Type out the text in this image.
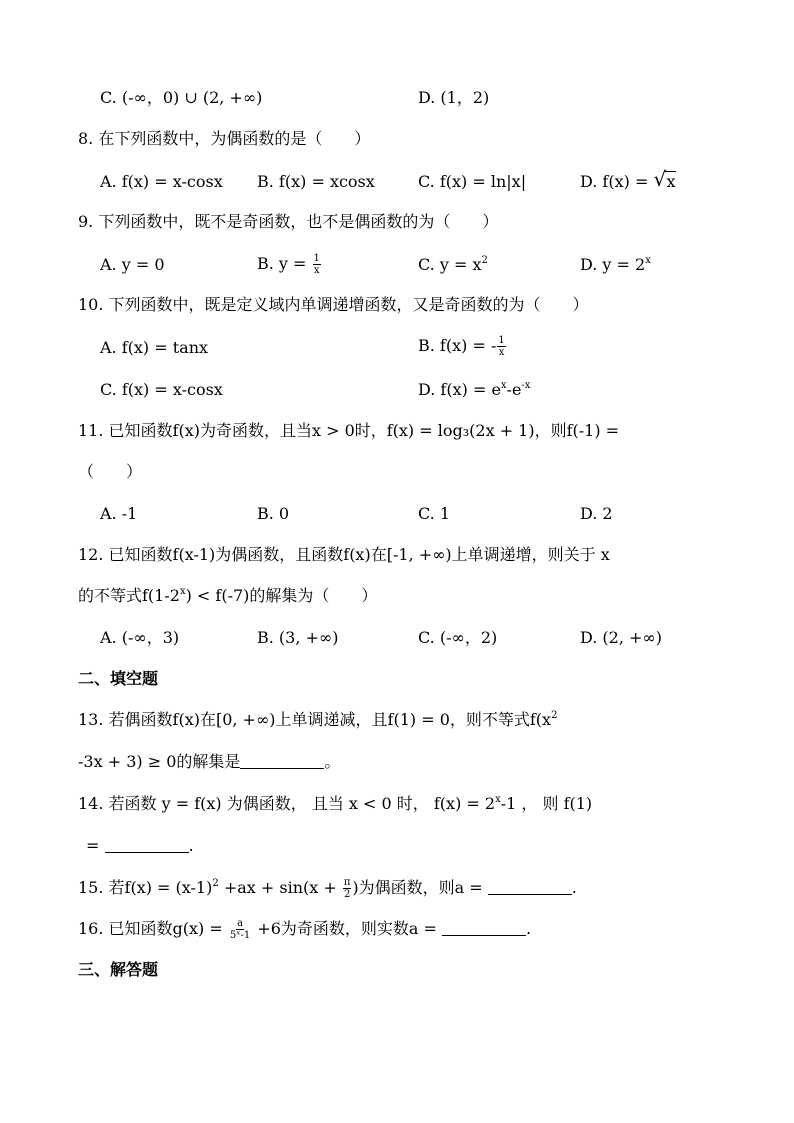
C. (-∞，0) ∪ (2, +∞)	D. (1，2)
8. 在下列函数中，为偶函数的是（　　）
A. f(x) = x-cosx B. f(x) = xcosx	C. f(x) = ln|x|	D. f(x) = √ x
9. 下列函数中，既不是奇函数，也不是偶函数的为（　　）
A. y = 0	B. $y = \frac{1}{x}$	C. $y = x^2$	D. $y = 2^x$
10. 下列函数中，既是定义域内单调递增函数，又是奇函数的为（　　）
A. f(x) = tanx	B. f(x) = - $\frac{1}{x}$
C. f(x) = x-cosx	D. $f(x) = e^x-e^{-x}$
11. 已知函数f(x)为奇函数，且当x > 0时，f(x) = log₃(2x + 1)，则f(-1) =
（　　）
A. -1	B. 0	C. 1	D. 2
12. 已知函数f(x-1)为偶函数，且函数f(x)在[-1, +∞)上单调递增，则关于 x
的不等式$f(1-2^x) < f(-7)$的解集为（　　）
A. (-∞，3)	B. (3, +∞)	C. (-∞，2)	D. (2, +∞)
二、填空题
13. 若偶函数f(x)在[0, +∞)上单调递减，且f(1) = 0，则不等式$f(x^2$
-3x + 3) ≥ 0的解集是	。
14. 若函数 y = f(x) 为偶函数， 且当 x < 0 时， $f(x) = 2^x-1$ ， 则 f(1)
=	.
15. 若$f(x) = (x-1)^2 +ax + \sin(x + \frac{\pi}{2}$ )为偶函数，则a =	.
16. 已知函数$g(x) = \frac{a}{\text{5ˣ-1}} +6$为奇函数，则实数a =	.
三、解答题
